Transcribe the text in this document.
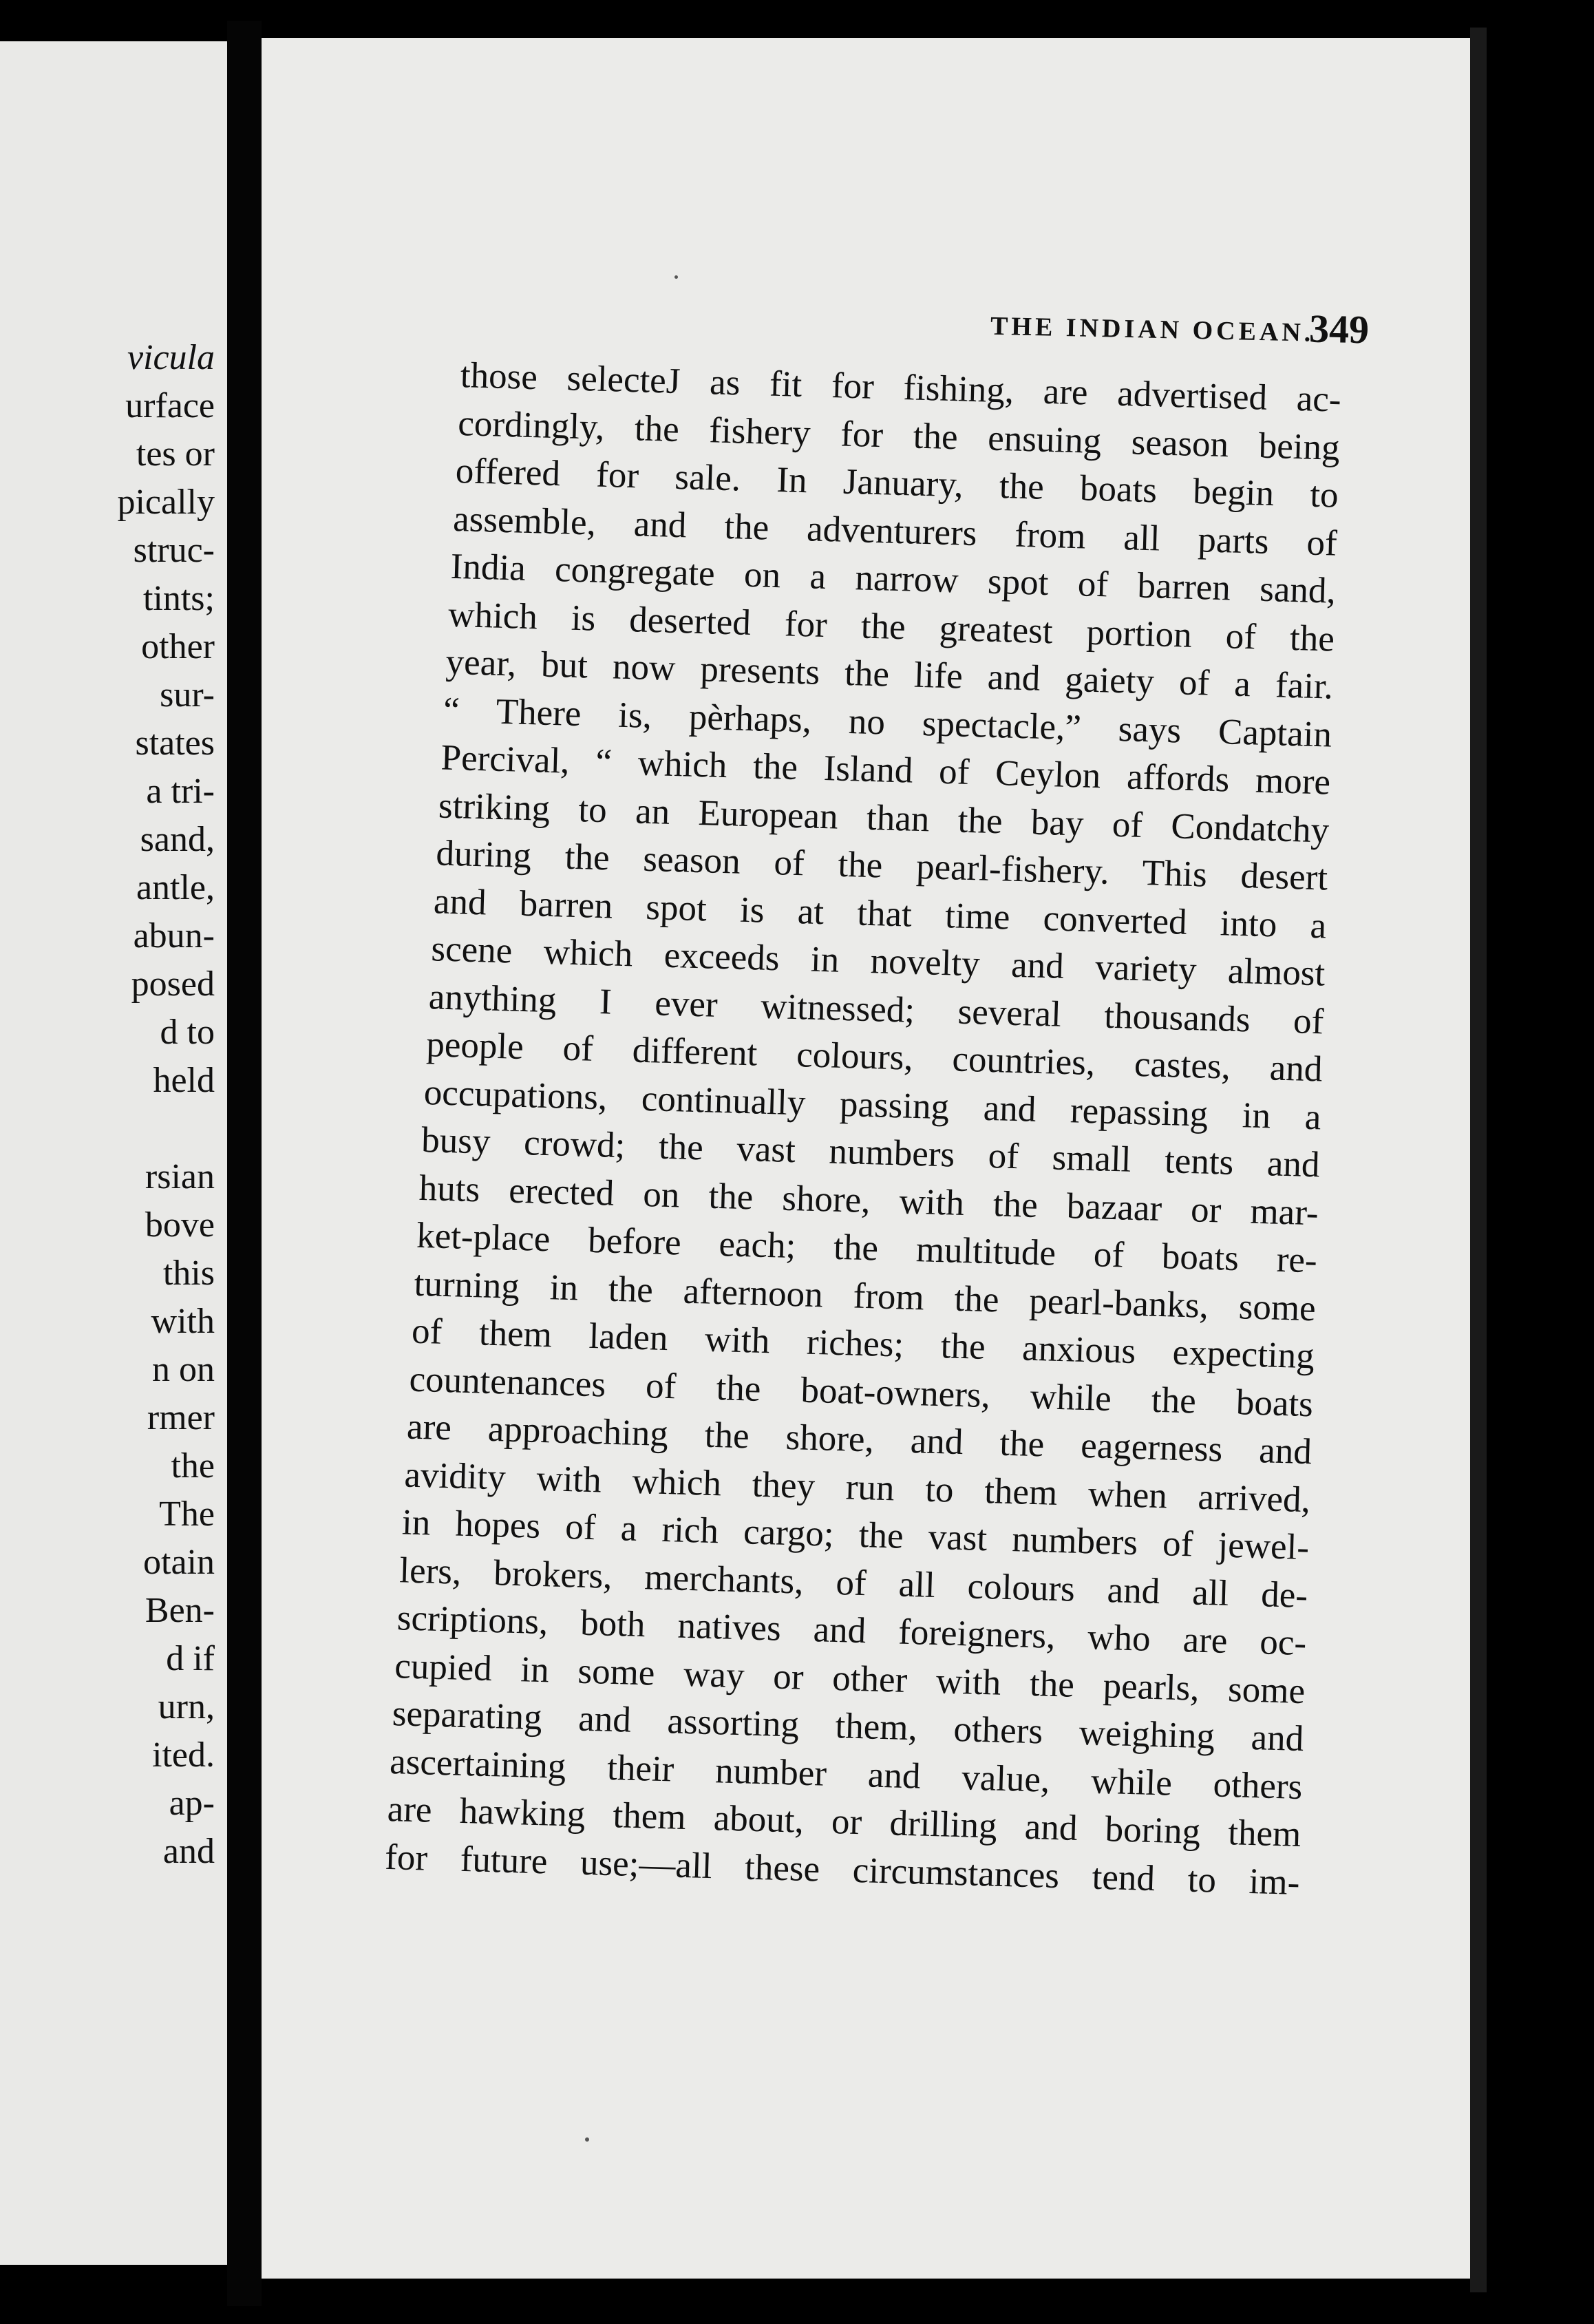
vicula
urface
tes or
pically
struc-
tints;
other
sur-
states
a tri-
sand,
antle,
abun-
posed
d to
held
rsian
bove
this
with
n on
rmer
the
The
otain
Ben-
d if
urn,
ited.
ap-
and
THE INDIAN OCEAN.
349
those selecteJ as fit for fishing, are advertised ac-
cordingly, the fishery for the ensuing season being
offered for sale. In January, the boats begin to
assemble, and the adventurers from all parts of
India congregate on a narrow spot of barren sand,
which is deserted for the greatest portion of the
year, but now presents the life and gaiety of a fair.
“ There is, pèrhaps, no spectacle,” says Captain
Percival, “ which the Island of Ceylon affords more
striking to an European than the bay of Condatchy
during the season of the pearl-fishery. This desert
and barren spot is at that time converted into a
scene which exceeds in novelty and variety almost
anything I ever witnessed; several thousands of
people of different colours, countries, castes, and
occupations, continually passing and repassing in a
busy crowd; the vast numbers of small tents and
huts erected on the shore, with the bazaar or mar-
ket-place before each; the multitude of boats re-
turning in the afternoon from the pearl-banks, some
of them laden with riches; the anxious expecting
countenances of the boat-owners, while the boats
are approaching the shore, and the eagerness and
avidity with which they run to them when arrived,
in hopes of a rich cargo; the vast numbers of jewel-
lers, brokers, merchants, of all colours and all de-
scriptions, both natives and foreigners, who are oc-
cupied in some way or other with the pearls, some
separating and assorting them, others weighing and
ascertaining their number and value, while others
are hawking them about, or drilling and boring them
for future use;—all these circumstances tend to im-
